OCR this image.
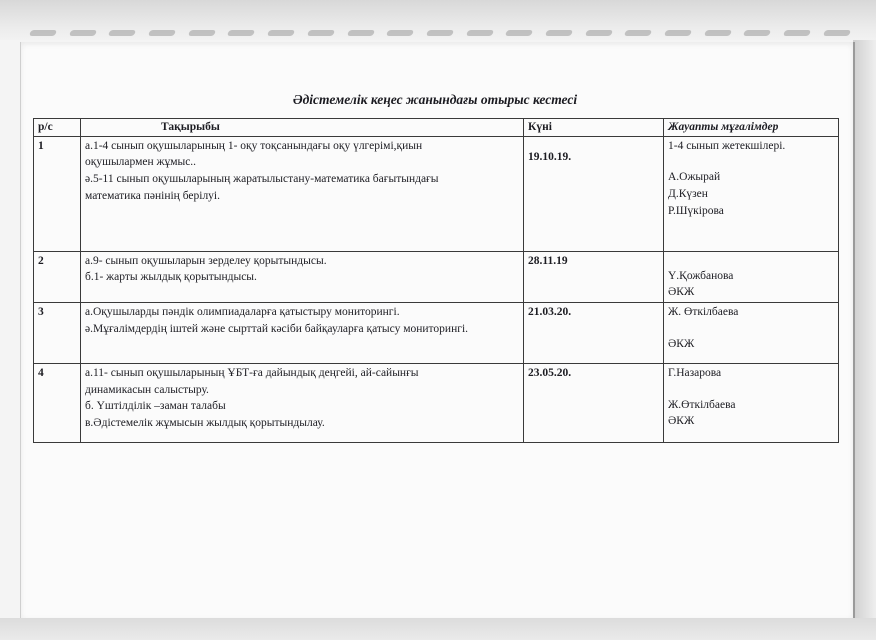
Әдістемелік кеңес жанындағы отырыс кестесі
р/с	Тақырыбы	Күні	Жауапты мұғалімдер
1	а.1-4 сынып оқушыларының 1- оқу тоқсанындағы оқу үлгерімі,қиын
оқушылармен жұмыс..
ә.5-11 сынып оқушыларының жаратылыстану-математика бағытындағы
математика пәнінің берілуі.	19.10.19.	1-4 сынып жетекшілері.
А.Ожырай
Д.Күзен
Р.Шүкірова

2	а.9- сынып оқушыларын зерделеу қорытындысы.
б.1- жарты жылдық қорытындысы.	28.11.19	Ү.Қожбанова
ӘКЖ

3	а.Оқушыларды пәндік олимпиадаларға қатыстыру мониторингі.
ә.Мұғалімдердің іштей және сырттай кәсіби байқауларға қатысу мониторингі.	21.03.20.	Ж. Өткілбаева
ӘКЖ

4	а.11- сынып оқушыларының ҰБТ-ға дайындық деңгейі, ай-сайынғы
динамикасын салыстыру.
б. Үштілділік –заман талабы
в.Әдістемелік жұмысын жылдық қорытындылау.	23.05.20.	Г.Назарова
Ж.Өткілбаева
ӘКЖ
